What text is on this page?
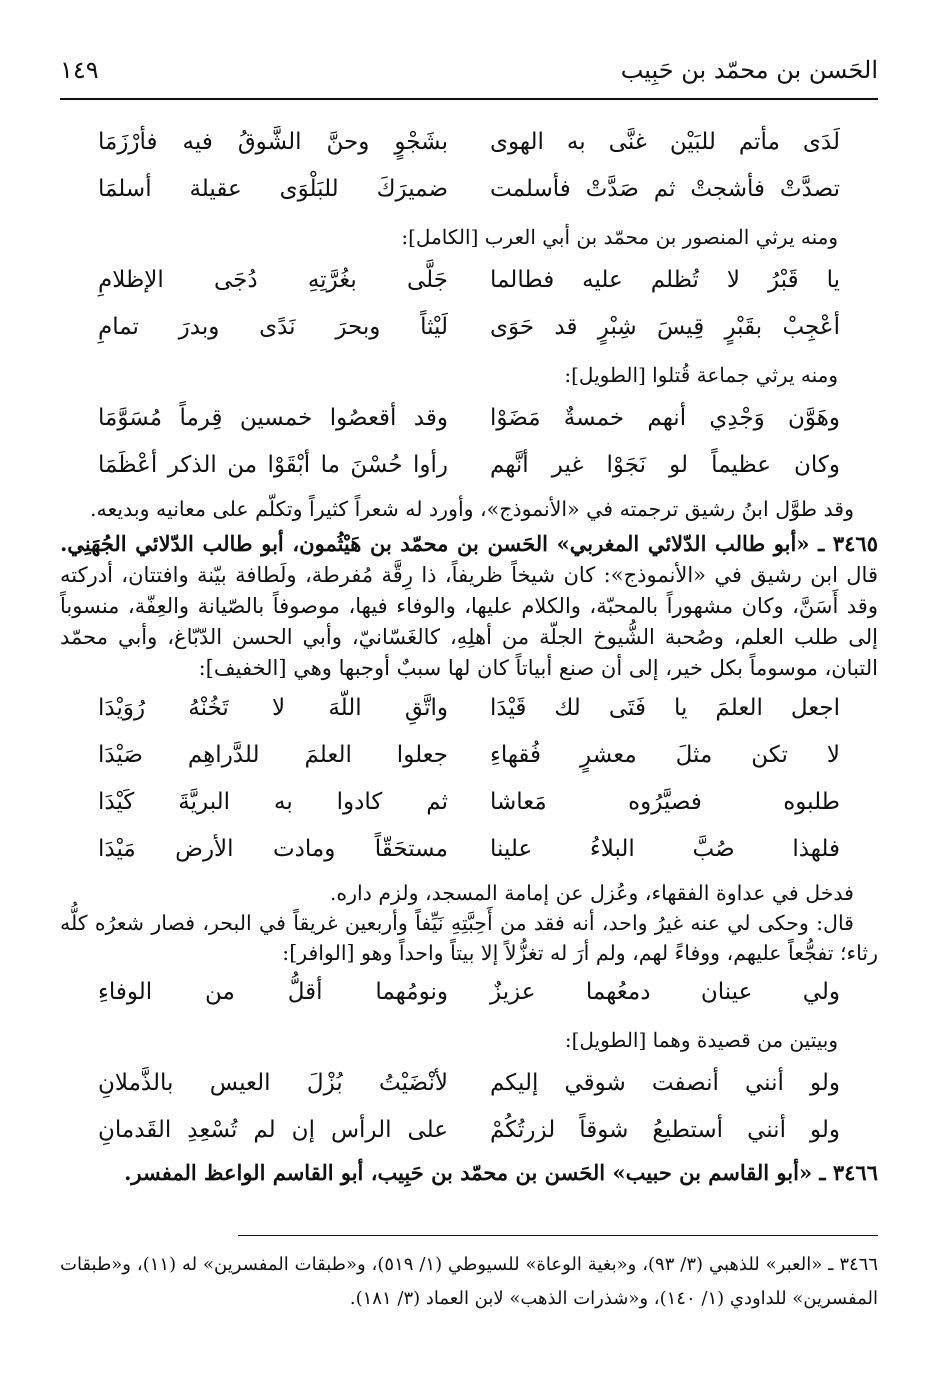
الحَسن بن محمّد بن حَبِيب
١٤٩
لَدَى مأتم للبَيْن غنَّى به الهوى
بشَجْوٍ وحنَّ الشَّوقُ فيه فأرْزَمَا
تصدَّتْ فأشجتْ ثم صَدَّتْ فأسلمت
ضميرَكَ للبَلْوَى عقيلة أسلمَا
ومنه يرثي المنصور بن محمّد بن أبي العرب [الكامل]:
يا قَبْرُ لا تُظلم عليه فطالما
جَلَّى بغُرَّتِهِ دُجَى الإظلامِ
أعْجِبْ بقَبْرٍ قِيسَ شِبْرٍ قد حَوَى
لَيْثاً وبحرَ نَدًى وبدرَ تمامِ
ومنه يرثي جماعة قُتلوا [الطويل]:
وهَوَّن وَجْدِي أنهم خمسةٌ مَضَوْا
وقد أقعصُوا خمسين قِرماً مُسَوَّمَا
وكان عظيماً لو نَجَوْا غير أنَّهم
رأوا حُسْنَ ما أبْقَوْا من الذكر أعْظَمَا
وقد طوَّل ابنُ رشيق ترجمته في «الأنموذج»، وأورد له شعراً كثيراً وتكلّم على معانيه وبديعه.
٣٤٦٥ ـ «أبو طالب الدّلائي المغربي» الحَسن بن محمّد بن هَيْثُمون، أبو طالب الدّلائي الجُهَنِي. قال ابن رشيق في «الأنموذج»: كان شيخاً ظريفاً، ذا رِقَّة مُفرطة، ولَطافة بيّنة وافتتان، أدركته وقد أَسَنَّ، وكان مشهوراً بالمحبّة، والكلام عليها، والوفاء فيها، موصوفاً بالصّيانة والعِفّة، منسوباً إلى طلب العلم، وصُحبة الشُّيوخ الجلّة من أهلِهِ، كالغَسّانيّ، وأبي الحسن الدّبّاغ، وأبي محمّد التبان، موسوماً بكل خير، إلى أن صنع أبياتاً كان لها سببٌ أوجبها وهي [الخفيف]:
اجعل العلمَ يا فَتَى لك قَيْدَا
واتَّقِ اللّهَ لا تَخُنْهُ رُوَيْدَا
لا تكن مثلَ معشرٍ فُقهاءِ
جعلوا العلمَ للدَّراهِم صَيْدَا
طلبوه فصيَّرُوه مَعاشا
ثم كادوا به البريَّةَ كَيْدَا
فلهذا صُبَّ البلاءُ علينا
مستحَقّاً ومادت الأرض مَيْدَا
فدخل في عداوة الفقهاء، وعُزل عن إمامة المسجد، ولزم داره.
قال: وحكى لي عنه غيرُ واحد، أنه فقد من أَحِبَّتِهِ نَيِّفاً وأربعين غريقاً في البحر، فصار شعرُه كلُّه رثاء؛ تفجُّعاً عليهم، ووفاءً لهم، ولم أرَ له تغزُّلاً إلا بيتاً واحداً وهو [الوافر]:
ولي عينان دمعُهما عزيزٌ
ونومُهما أقلُّ من الوفاءِ
وبيتين من قصيدة وهما [الطويل]:
ولو أنني أنصفت شوقي إليكم
لأنْضَيْتُ بُزْلَ العيس بالذَّملانِ
ولو أنني أستطيعُ شوقاً لزرتُكُمْ
على الرأس إن لم تُسْعِدِ القَدمانِ
٣٤٦٦ ـ «أبو القاسم بن حبيب» الحَسن بن محمّد بن حَبِيب، أبو القاسم الواعظ المفسر.
٣٤٦٦ ـ «العبر» للذهبي (٣/ ٩٣)، و«بغية الوعاة» للسيوطي (١/ ٥١٩)، و«طبقات المفسرين» له (١١)، و«طبقات المفسرين» للداودي (١/ ١٤٠)، و«شذرات الذهب» لابن العماد (٣/ ١٨١).
